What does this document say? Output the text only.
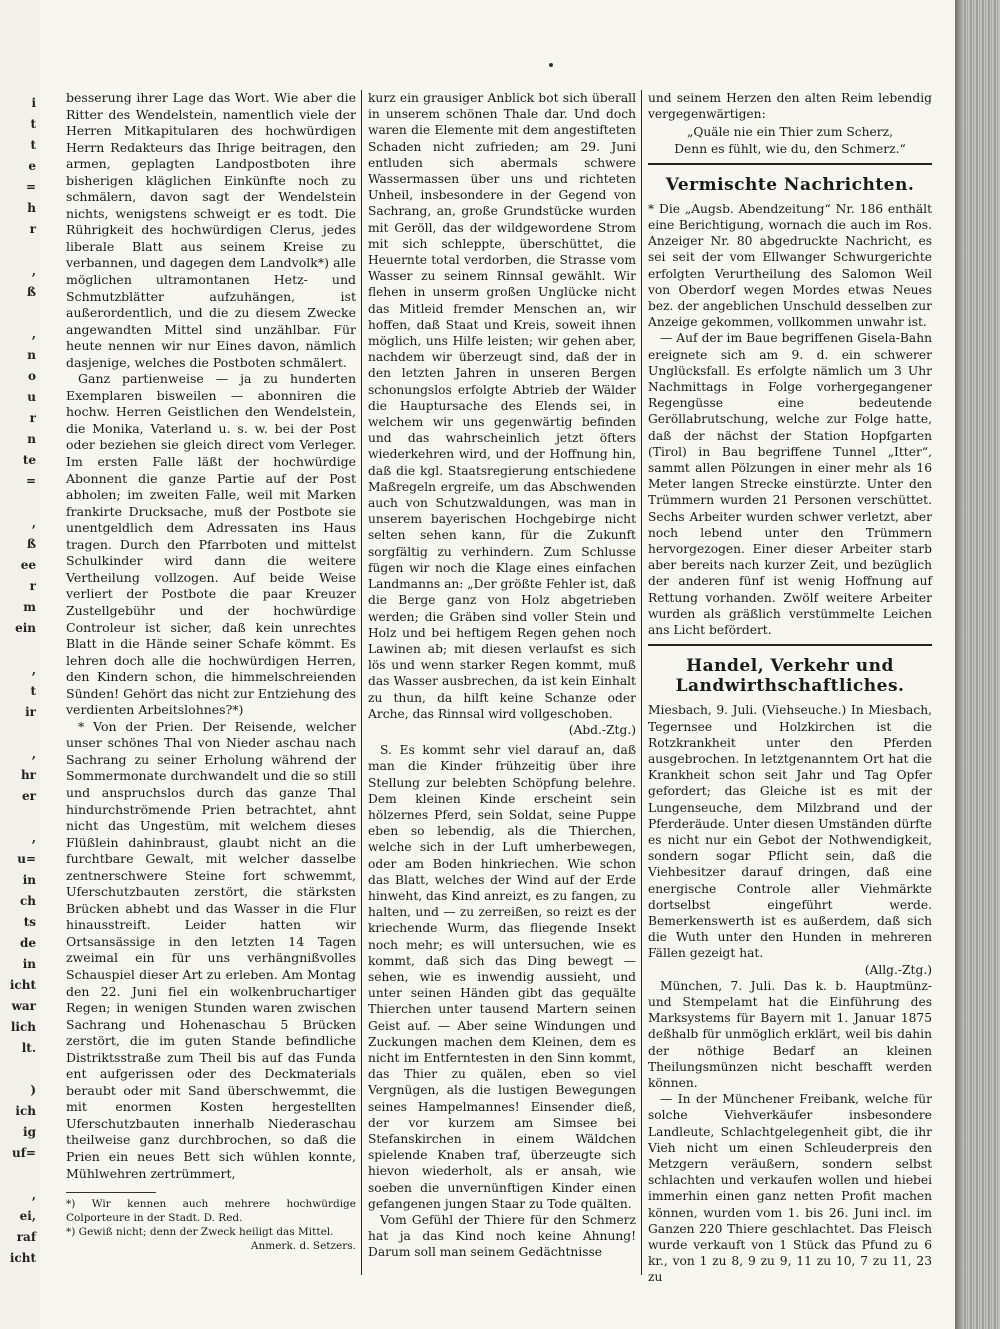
i
t
t
e
=
h
r
,
ß
,
n
o
u
r
n
te
=
,
ß
ee
r
m
ein
,
t
ir
,
hr
er
,
u=
in
ch
ts
de
in
icht
war
lich
lt.
)
ich
ig
uf=
,
ei,
raf
icht

besserung ihrer Lage das Wort. Wie aber die Ritter des Wendelstein, namentlich viele der Herren Mitkapitularen des hochwürdigen Herrn Redakteurs das Ihrige beitragen, den armen, geplagten Landpostboten ihre bisherigen kläglichen Einkünfte noch zu schmälern, davon sagt der Wendelstein nichts, wenigstens schweigt er es todt. Die Rührigkeit des hochwürdigen Clerus, jedes liberale Blatt aus seinem Kreise zu verbannen, und dagegen dem Landvolk*) alle möglichen ultramontanen Hetz- und Schmutzblätter aufzuhängen, ist außerordentlich, und die zu diesem Zwecke angewandten Mittel sind unzählbar. Für heute nennen wir nur Eines davon, nämlich dasjenige, welches die Postboten schmälert.

Ganz partienweise — ja zu hunderten Exemplaren bisweilen — abonniren die hochw. Herren Geistlichen den Wendelstein, die Monika, Vaterland u. s. w. bei der Post oder beziehen sie gleich direct vom Verleger. Im ersten Falle läßt der hochwürdige Abonnent die ganze Partie auf der Post abholen; im zweiten Falle, weil mit Marken frankirte Drucksache, muß der Postbote sie unentgeldlich dem Adressaten ins Haus tragen. Durch den Pfarrboten und mittelst Schulkinder wird dann die weitere Vertheilung vollzogen. Auf beide Weise verliert der Postbote die paar Kreuzer Zustellgebühr und der hochwürdige Controleur ist sicher, daß kein unrechtes Blatt in die Hände seiner Schafe kömmt. Es lehren doch alle die hochwürdigen Herren, den Kindern schon, die himmelschreienden Sünden! Gehört das nicht zur Entziehung des verdienten Arbeitslohnes?*)

* Von der Prien. Der Reisende, welcher unser schönes Thal von Nieder aschau nach Sachrang zu seiner Erholung während der Sommermonate durchwandelt und die so still und anspruchslos durch das ganze Thal hindurchströmende Prien betrachtet, ahnt nicht das Ungestüm, mit welchem dieses Flüßlein dahinbraust, glaubt nicht an die furchtbare Gewalt, mit welcher dasselbe zentnerschwere Steine fort schwemmt, Uferschutzbauten zerstört, die stärksten Brücken abhebt und das Wasser in die Flur hinausstreift. Leider hatten wir Ortsansässige in den letzten 14 Tagen zweimal ein für uns verhängnißvolles Schauspiel dieser Art zu erleben. Am Montag den 22. Juni fiel ein wolkenbruchartiger Regen; in wenigen Stunden waren zwischen Sachrang und Hohenaschau 5 Brücken zerstört, die im guten Stande befindliche Distriktsstraße zum Theil bis auf das Funda ent aufgerissen oder des Deckmaterials beraubt oder mit Sand überschwemmt, die mit enormen Kosten hergestellten Uferschutzbauten innerhalb Niederaschau theilweise ganz durchbrochen, so daß die Prien ein neues Bett sich wühlen konnte, Mühlwehren zertrümmert,

*) Wir kennen auch mehrere hochwürdige Colporteure in der Stadt. D. Red.
*) Gewiß nicht; denn der Zweck heiligt das Mittel.
Anmerk. d. Setzers.

kurz ein grausiger Anblick bot sich überall in unserem schönen Thale dar. Und doch waren die Elemente mit dem angestifteten Schaden nicht zufrieden; am 29. Juni entluden sich abermals schwere Wassermassen über uns und richteten Unheil, insbesondere in der Gegend von Sachrang, an, große Grundstücke wurden mit Geröll, das der wildgewordene Strom mit sich schleppte, überschüttet, die Heuernte total verdorben, die Strasse vom Wasser zu seinem Rinnsal gewählt. Wir flehen in unserm großen Unglücke nicht das Mitleid fremder Menschen an, wir hoffen, daß Staat und Kreis, soweit ihnen möglich, uns Hilfe leisten; wir gehen aber, nachdem wir überzeugt sind, daß der in den letzten Jahren in unseren Bergen schonungslos erfolgte Abtrieb der Wälder die Hauptursache des Elends sei, in welchem wir uns gegenwärtig befinden und das wahrscheinlich jetzt öfters wiederkehren wird, und der Hoffnung hin, daß die kgl. Staatsregierung entschiedene Maßregeln ergreife, um das Abschwenden auch von Schutzwaldungen, was man in unserem bayerischen Hochgebirge nicht selten sehen kann, für die Zukunft sorgfältig zu verhindern. Zum Schlusse fügen wir noch die Klage eines einfachen Landmanns an: „Der größte Fehler ist, daß die Berge ganz von Holz abgetrieben werden; die Gräben sind voller Stein und Holz und bei heftigem Regen gehen noch Lawinen ab; mit diesen verlaufst es sich lös und wenn starker Regen kommt, muß das Wasser ausbrechen, da ist kein Einhalt zu thun, da hilft keine Schanze oder Arche, das Rinnsal wird vollgeschoben.

(Abd.-Ztg.)

S. Es kommt sehr viel darauf an, daß man die Kinder frühzeitig über ihre Stellung zur belebten Schöpfung belehre. Dem kleinen Kinde erscheint sein hölzernes Pferd, sein Soldat, seine Puppe eben so lebendig, als die Thierchen, welche sich in der Luft umherbewegen, oder am Boden hinkriechen. Wie schon das Blatt, welches der Wind auf der Erde hinweht, das Kind anreizt, es zu fangen, zu halten, und — zu zerreißen, so reizt es der kriechende Wurm, das fliegende Insekt noch mehr; es will untersuchen, wie es kommt, daß sich das Ding bewegt — sehen, wie es inwendig aussieht, und unter seinen Händen gibt das gequälte Thierchen unter tausend Martern seinen Geist auf. — Aber seine Windungen und Zuckungen machen dem Kleinen, dem es nicht im Entferntesten in den Sinn kommt, das Thier zu quälen, eben so viel Vergnügen, als die lustigen Bewegungen seines Hampelmannes! Einsender dieß, der vor kurzem am Simsee bei Stefanskirchen in einem Wäldchen spielende Knaben traf, überzeugte sich hievon wiederholt, als er ansah, wie soeben die unvernünftigen Kinder einen gefangenen jungen Staar zu Tode quälten.

Vom Gefühl der Thiere für den Schmerz hat ja das Kind noch keine Ahnung! Darum soll man seinem Gedächtnisse

und seinem Herzen den alten Reim lebendig vergegenwärtigen:

„Quäle nie ein Thier zum Scherz,
Denn es fühlt, wie du, den Schmerz.“
Vermischte Nachrichten.

* Die „Augsb. Abendzeitung“ Nr. 186 enthält eine Berichtigung, wornach die auch im Ros. Anzeiger Nr. 80 abgedruckte Nachricht, es sei seit der vom Ellwanger Schwurgerichte erfolgten Verurtheilung des Salomon Weil von Oberdorf wegen Mordes etwas Neues bez. der angeblichen Unschuld desselben zur Anzeige gekommen, vollkommen unwahr ist.

— Auf der im Baue begriffenen Gisela-Bahn ereignete sich am 9. d. ein schwerer Unglücksfall. Es erfolgte nämlich um 3 Uhr Nachmittags in Folge vorhergegangener Regengüsse eine bedeutende Geröllabrutschung, welche zur Folge hatte, daß der nächst der Station Hopfgarten (Tirol) in Bau begriffene Tunnel „Itter“, sammt allen Pölzungen in einer mehr als 16 Meter langen Strecke einstürzte. Unter den Trümmern wurden 21 Personen verschüttet. Sechs Arbeiter wurden schwer verletzt, aber noch lebend unter den Trümmern hervorgezogen. Einer dieser Arbeiter starb aber bereits nach kurzer Zeit, und bezüglich der anderen fünf ist wenig Hoffnung auf Rettung vorhanden. Zwölf weitere Arbeiter wurden als gräßlich verstümmelte Leichen ans Licht befördert.

Handel, Verkehr und Landwirthschaftliches.

Miesbach, 9. Juli. (Viehseuche.) In Miesbach, Tegernsee und Holzkirchen ist die Rotzkrankheit unter den Pferden ausgebrochen. In letztgenanntem Ort hat die Krankheit schon seit Jahr und Tag Opfer gefordert; das Gleiche ist es mit der Lungenseuche, dem Milzbrand und der Pferderäude. Unter diesen Umständen dürfte es nicht nur ein Gebot der Nothwendigkeit, sondern sogar Pflicht sein, daß die Viehbesitzer darauf dringen, daß eine energische Controle aller Viehmärkte dortselbst eingeführt werde. Bemerkenswerth ist es außerdem, daß sich die Wuth unter den Hunden in mehreren Fällen gezeigt hat.

(Allg.-Ztg.)

München, 7. Juli. Das k. b. Hauptmünz- und Stempelamt hat die Einführung des Marksystems für Bayern mit 1. Januar 1875 deßhalb für unmöglich erklärt, weil bis dahin der nöthige Bedarf an kleinen Theilungsmünzen nicht beschafft werden können.

— In der Münchener Freibank, welche für solche Viehverkäufer insbesondere Landleute, Schlachtgelegenheit gibt, die ihr Vieh nicht um einen Schleuderpreis den Metzgern veräußern, sondern selbst schlachten und verkaufen wollen und hiebei immerhin einen ganz netten Profit machen können, wurden vom 1. bis 26. Juni incl. im Ganzen 220 Thiere geschlachtet. Das Fleisch wurde verkauft von 1 Stück das Pfund zu 6 kr., von 1 zu 8, 9 zu 9, 11 zu 10, 7 zu 11, 23 zu
